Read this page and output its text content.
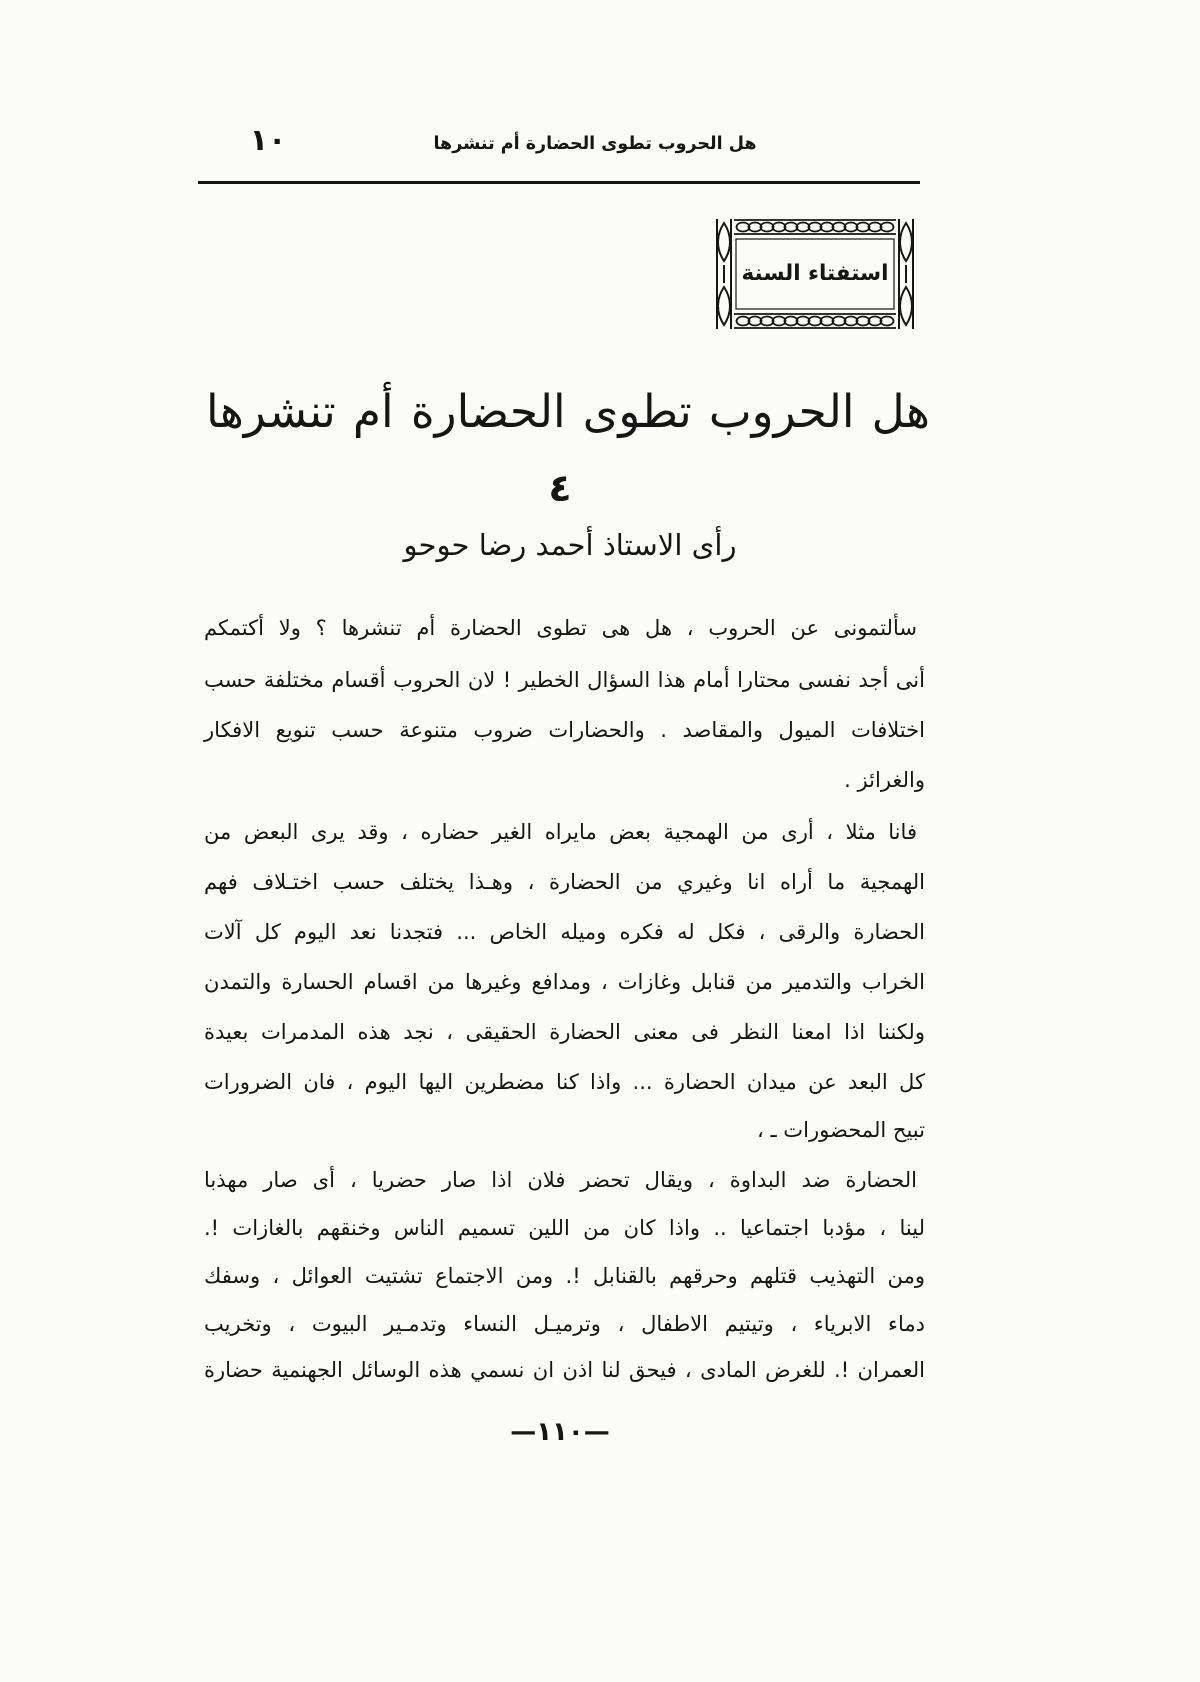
١٠	هل الحروب تطوى الحضارة أم تنشرها
استفتاء السنة
هل الحروب تطوى الحضارة أم تنشرها
٤
رأى الاستاذ أحمد رضا حوحو
سألتمونى عن الحروب ، هل هى تطوى الحضارة أم تنشرها ؟ ولا أكتمكم
أنى أجد نفسى محتارا أمام هذا السؤال الخطير ! لان الحروب أقسام مختلفة حسب
اختلافات الميول والمقاصد . والحضارات ضروب متنوعة حسب تنويع الافكار
والغرائز .
فانا مثلا ، أرى من الهمجية بعض مايراه الغير حضاره ، وقد يرى البعض من
الهمجية ما أراه انا وغيري من الحضارة ، وهـذا يختلف حسب اختـلاف فهم
الحضارة والرقى ، فكل له فكره وميله الخاص ... فتجدنا نعد اليوم كل آلات
الخراب والتدمير من قنابل وغازات ، ومدافع وغيرها من اقسام الحسارة والتمدن
ولكننا اذا امعنا النظر فى معنى الحضارة الحقيقى ، نجد هذه المدمرات بعيدة
كل البعد عن ميدان الحضارة ... واذا كنا مضطرين اليها اليوم ، فان الضرورات
تبيح المحضورات ـ ،
الحضارة ضد البداوة ، ويقال تحضر فلان اذا صار حضريا ، أى صار مهذبا
لينا ، مؤدبا اجتماعيا .. واذا كان من اللين تسميم الناس وخنقهم بالغازات !.
ومن التهذيب قتلهم وحرقهم بالقنابل !. ومن الاجتماع تشتيت العوائل ، وسفك
دماء الابرياء ، وتيتيم الاطفال ، وترميـل النساء وتدمـير البيوت ، وتخريب
العمران !. للغرض المادى ، فيحق لنا اذن ان نسمي هذه الوسائل الجهنمية حضارة
—١١٠—
